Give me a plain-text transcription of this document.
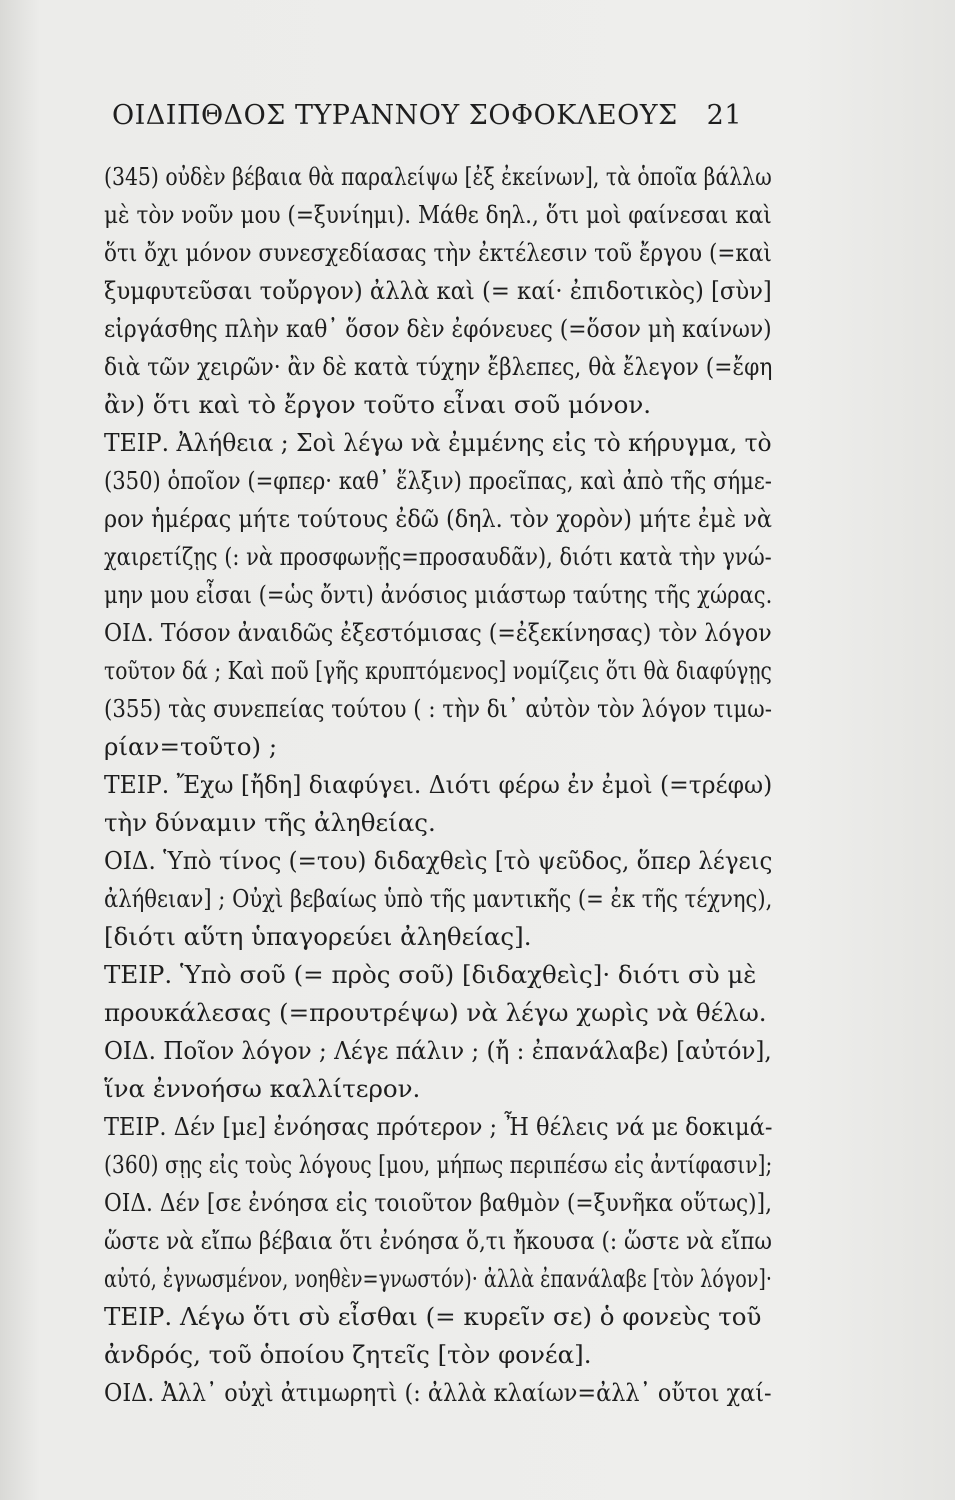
ΟΙΔΙΠΘΔΟΣ ΤΥΡΑΝΝΟΥ ΣΟΦΟΚΛΕΟΥΣ 21
(345) οὐδὲν βέβαια θὰ παραλείψω [ἐξ ἐκείνων], τὰ ὁποῖα βάλλω
μὲ τὸν νοῦν μου (=ξυνίημι). Μάθε δηλ., ὅτι μοὶ φαίνεσαι καὶ
ὅτι ὄχι μόνον συνεσχεδίασας τὴν ἐκτέλεσιν τοῦ ἔργου (=καὶ
ξυμφυτεῦσαι τοὔργον) ἀλλὰ καὶ (= καί· ἐπιδοτικὸς) [σὺν]
εἰργάσθης πλὴν καθ᾽ ὅσον δὲν ἐφόνευες (=ὅσον μὴ καίνων)
διὰ τῶν χειρῶν· ἂν δὲ κατὰ τύχην ἔβλεπες, θὰ ἔλεγον (=ἔφη
ἂν) ὅτι καὶ τὸ ἔργον τοῦτο εἶναι σοῦ μόνον.
ΤΕΙΡ. Ἀλήθεια ; Σοὶ λέγω νὰ ἐμμένης εἰς τὸ κήρυγμα, τὸ
(350) ὁποῖον (=φπερ· καθ᾽ ἕλξιν) προεῖπας, καὶ ἀπὸ τῆς σήμε-
ρον ἡμέρας μήτε τούτους ἐδῶ (δηλ. τὸν χορὸν) μήτε ἐμὲ νὰ
χαιρετίζῃς (: νὰ προσφωνῇς=προσαυδᾶν), διότι κατὰ τὴν γνώ-
μην μου εἶσαι (=ὡς ὄντι) ἀνόσιος μιάστωρ ταύτης τῆς χώρας.
ΟΙΔ. Τόσον ἀναιδῶς ἐξεστόμισας (=ἐξεκίνησας) τὸν λόγον
τοῦτον δά ; Καὶ ποῦ [γῆς κρυπτόμενος] νομίζεις ὅτι θὰ διαφύγῃς
(355) τὰς συνεπείας τούτου ( : τὴν δι᾽ αὐτὸν τὸν λόγον τιμω-
ρίαν=τοῦτο) ;
ΤΕΙΡ. Ἔχω [ἤδη] διαφύγει. Διότι φέρω ἐν ἐμοὶ (=τρέφω)
τὴν δύναμιν τῆς ἀληθείας.
ΟΙΔ. Ὑπὸ τίνος (=του) διδαχθεὶς [τὸ ψεῦδος, ὅπερ λέγεις
ἀλήθειαν] ; Οὐχὶ βεβαίως ὑπὸ τῆς μαντικῆς (= ἐκ τῆς τέχνης),
[διότι αὕτη ὑπαγορεύει ἀληθείας].
ΤΕΙΡ. Ὑπὸ σοῦ (= πρὸς σοῦ) [διδαχθεὶς]· διότι σὺ μὲ
προυκάλεσας (=προυτρέψω) νὰ λέγω χωρὶς νὰ θέλω.
ΟΙΔ. Ποῖον λόγον ; Λέγε πάλιν ; (ἤ : ἐπανάλαβε) [αὐτόν],
ἵνα ἐννοήσω καλλίτερον.
ΤΕΙΡ. Δέν [με] ἐνόησας πρότερον ; Ἦ θέλεις νά με δοκιμά-
(360) σῃς εἰς τοὺς λόγους [μου, μήπως περιπέσω εἰς ἀντίφασιν];
ΟΙΔ. Δέν [σε ἐνόησα εἰς τοιοῦτον βαθμὸν (=ξυνῆκα οὕτως)],
ὥστε νὰ εἴπω βέβαια ὅτι ἐνόησα ὅ,τι ἤκουσα (: ὥστε νὰ εἴπω
αὐτό, ἐγνωσμένον, νοηθὲν=γνωστόν)· ἀλλὰ ἐπανάλαβε [τὸν λόγον]·
ΤΕΙΡ. Λέγω ὅτι σὺ εἶσθαι (= κυρεῖν σε) ὁ φονεὺς τοῦ
ἀνδρός, τοῦ ὁποίου ζητεῖς [τὸν φονέα].
ΟΙΔ. Ἀλλ᾽ οὐχὶ ἀτιμωρητὶ (: ἀλλὰ κλαίων=ἀλλ᾽ οὔτοι χαί-
